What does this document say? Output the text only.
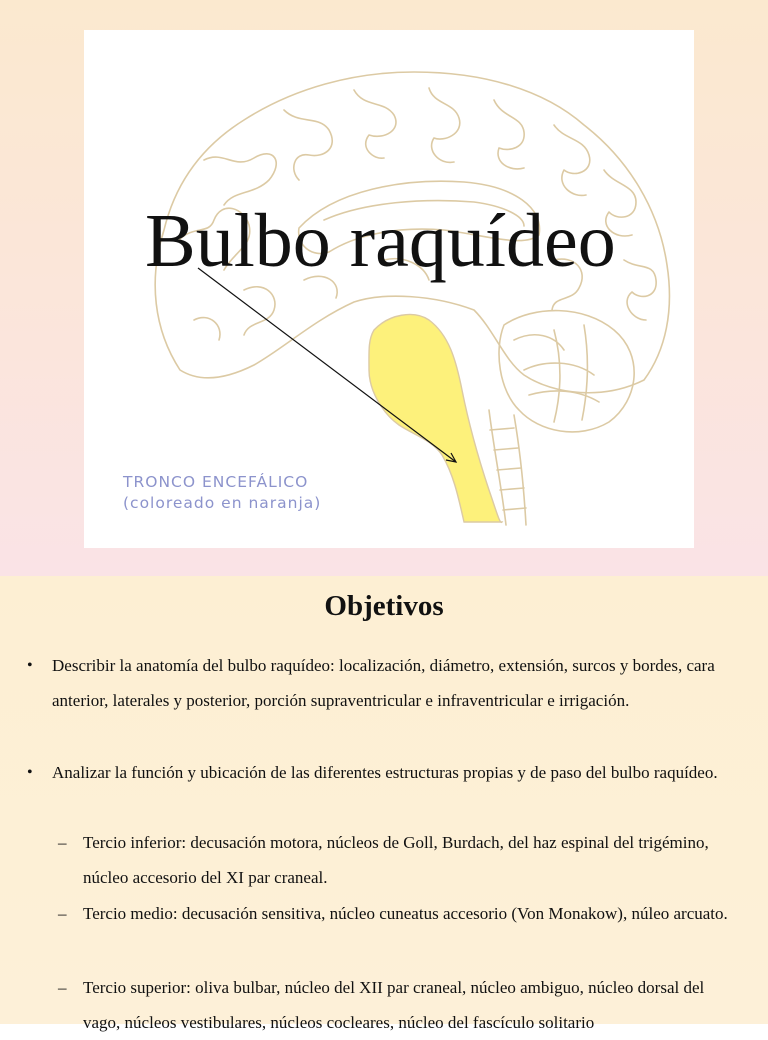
Bulbo raquídeo
TRONCO ENCEFÁLICO
(coloreado en naranja)
Objetivos
• Describir la anatomía del bulbo raquídeo: localización, diámetro, extensión, surcos y bordes, cara anterior, laterales y posterior, porción supraventricular e infraventricular e irrigación.
• Analizar la función y ubicación de las diferentes estructuras propias y de paso del bulbo raquídeo.
– Tercio inferior: decusación motora, núcleos de Goll, Burdach, del haz espinal del trigémino, núcleo accesorio del XI par craneal.
– Tercio medio: decusación sensitiva, núcleo cuneatus accesorio (Von Monakow), núleo arcuato.
– Tercio superior: oliva bulbar, núcleo del XII par craneal, núcleo ambiguo, núcleo dorsal del vago, núcleos vestibulares, núcleos cocleares, núcleo del fascículo solitario
